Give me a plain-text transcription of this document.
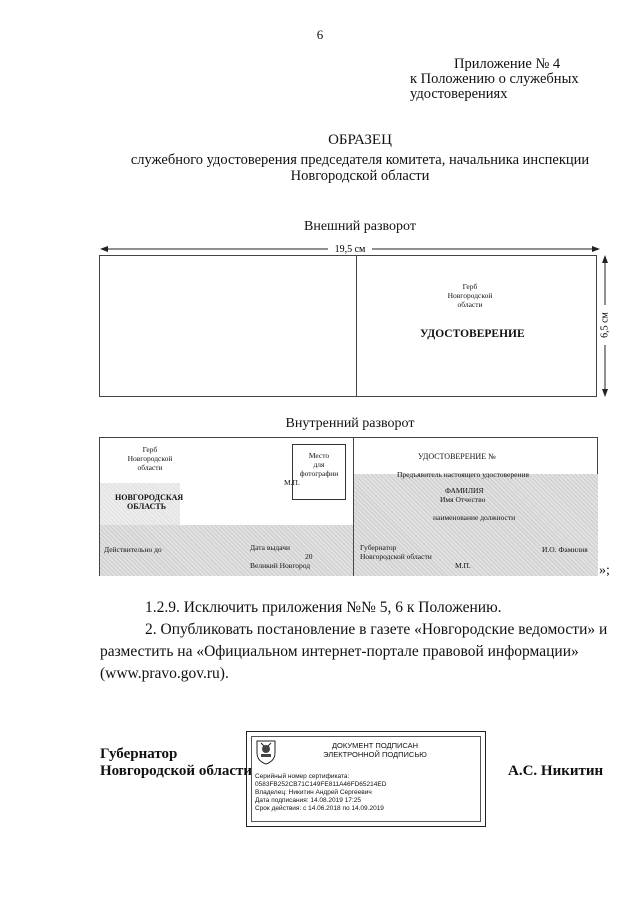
6
Приложение № 4
к Положению о служебных
удостоверениях
ОБРАЗЕЦ
служебного удостоверения председателя комитета, начальника инспекции Новгородской области
Внешний разворот
19,5 см
Герб
Новгородской
области
УДОСТОВЕРЕНИЕ	6,5 см
Внутренний разворот
Герб
Новгородской
области
НОВГОРОДСКАЯ
ОБЛАСТЬ
Место
для
фотографии
М.П.
Действительно до	Дата выдачи
20
Великий Новгород
УДОСТОВЕРЕНИЕ №
Предъявитель настоящего удостоверения
ФАМИЛИЯ
Имя Отчество
наименование должности
Губернатор
Новгородской области
И.О. Фамилия
М.П.	»;
1.2.9. Исключить приложения №№ 5, 6 к Положению.
2. Опубликовать постановление в газете «Новгородские ведомости» и
разместить на «Официальном интернет-портале правовой информации»
(www.pravo.gov.ru).
Губернатор
Новгородской области
ДОКУМЕНТ ПОДПИСАН
ЭЛЕКТРОННОЙ ПОДПИСЬЮ
Серийный номер сертификата:
0583FB252CB71C149FE811A46FD65214ED
Владелец: Никитин Андрей Сергеевич
Дата подписания: 14.08.2019 17:25
Срок действия: с 14.06.2018 по 14.09.2019
А.С. Никитин
